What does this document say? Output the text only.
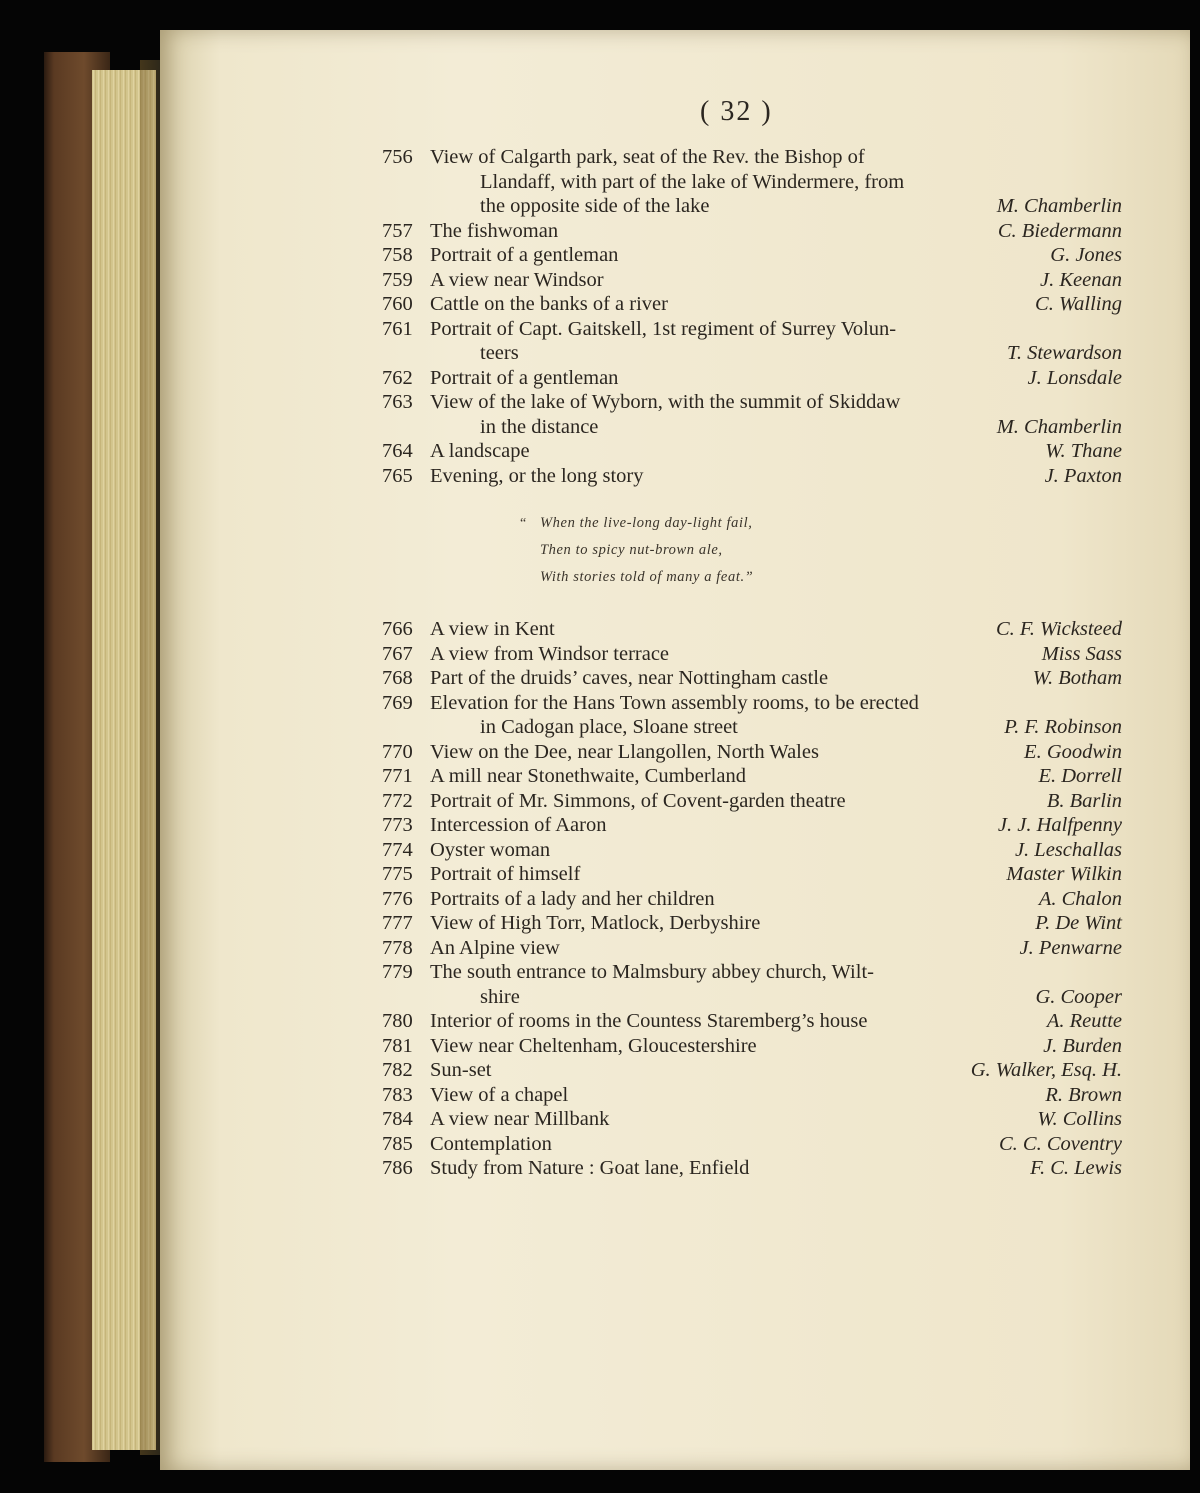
( 32 )
756 View of Calgarth park, seat of the Rev. the Bishop of
Llandaff, with part of the lake of Windermere, from
the opposite side of the lake	M. Chamberlin
757 The fishwoman	C. Biedermann
758 Portrait of a gentleman	G. Jones
759 A view near Windsor	J. Keenan
760 Cattle on the banks of a river	C. Walling
761 Portrait of Capt. Gaitskell, 1st regiment of Surrey Volun-
teers	T. Stewardson
762 Portrait of a gentleman	J. Lonsdale
763 View of the lake of Wyborn, with the summit of Skiddaw
in the distance	M. Chamberlin
764 A landscape	W. Thane
765 Evening, or the long story	J. Paxton
766 A view in Kent	C. F. Wicksteed
767 A view from Windsor terrace	Miss Sass
768 Part of the druids’ caves, near Nottingham castle	W. Botham
769 Elevation for the Hans Town assembly rooms, to be erected
in Cadogan place, Sloane street	P. F. Robinson
770 View on the Dee, near Llangollen, North Wales	E. Goodwin
771 A mill near Stonethwaite, Cumberland	E. Dorrell
772 Portrait of Mr. Simmons, of Covent-garden theatre	B. Barlin
773 Intercession of Aaron	J. J. Halfpenny
774 Oyster woman	J. Leschallas
775 Portrait of himself	Master Wilkin
776 Portraits of a lady and her children	A. Chalon
777 View of High Torr, Matlock, Derbyshire	P. De Wint
778 An Alpine view	J. Penwarne
779 The south entrance to Malmsbury abbey church, Wilt-
shire	G. Cooper
780 Interior of rooms in the Countess Staremberg’s house	A. Reutte
781 View near Cheltenham, Gloucestershire	J. Burden
782 Sun-set	G. Walker, Esq. H.
783 View of a chapel	R. Brown
784 A view near Millbank	W. Collins
785 Contemplation	C. C. Coventry
786 Study from Nature : Goat lane, Enfield	F. C. Lewis
“ When the live-long day-light fail,
Then to spicy nut-brown ale,
With stories told of many a feat.”
